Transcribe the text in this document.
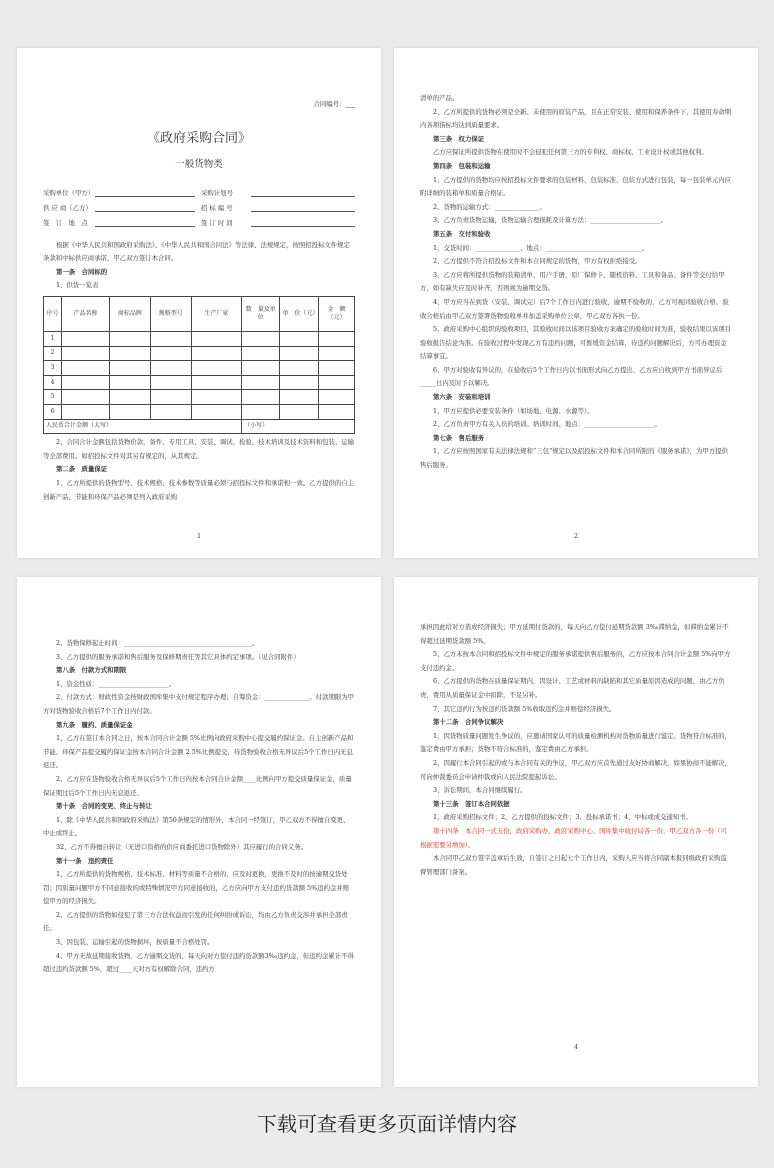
合同编号：___

《政府采购合同》

一般货物类

采购单位（甲方）	采购计划号
供 应 商（乙方）	招 标 编 号
签　订　地　点	签 订 时 间

根据《中华人民共和国政府采购法》、《中华人民共和国合同法》等法律、法规规定，按照招投标文件规定条款和中标供应商承诺，甲乙双方签订本合同。

第一条　合同标的

1、供货一览表

序号	产品名称	商标品牌	规格型号	生产厂家	数　量及单位	单　价（元）	金　额（元）
1							
2							
3							
4							
5							
6							
人民币合计金额（大写）					（小写）		

2、合同合计金额包括货物价款，备件、专用工具、安装、调试、检验、技术培训及技术资料和包装、运输等全部费用。如招投标文件对其另有规定的，从其规定。

第二条　质量保证

1、乙方所提供的货物型号、技术规格、技术参数等质量必须与招投标文件和承诺相一致。乙方提供的自主创新产品、节能和环保产品必须是列入政府采购

1

清单的产品。

2、乙方所提供的货物必须是全新、未使用的原装产品，且在正常安装、使用和保养条件下，其使用寿命期内各项指标均达到质量要求。

第三条　权力保证

乙方应保证所提供货物在使用时不会侵犯任何第三方的专利权、商标权、工业设计权或其他权利。

第四条　包装和运输

1、乙方提供的货物均应按招投标文件要求的包装材料、包装标准、包装方式进行包装，每一包装单元内应附详细的装箱单和质量合格证。

2、货物的运输方式：______________。

3、乙方负责货物运输，货物运输合理损耗及计算方法：______________________。

第五条　交付和验收

1、交货时间：______________、地点：______________________________。

2、乙方提供不符合招投标文件和本合同规定的货物，甲方有权拒绝接受。

3、乙方应将所提供货物的装箱清单、用户手册、原厂保修卡、随机资料、工具和备品、备件等交付给甲方，如有缺失应及时补齐，否则视为逾期交货。

4、甲方应当在到货（安装、调试完）后7个工作日内进行验收，逾期不验收的，乙方可视同验收合格。验收合格后由甲乙双方签署货物验收单并加盖采购单位公章，甲乙双方各执一份。

5、政府采购中心组织的验收项目，其验收时间以该项目验收方案确定的验收时间为准，验收结果以该项目验收报告结论为准。在验收过程中发现乙方有违约问题，可暂缓资金结算，待违约问题解决后，方可办理资金结算事宜。

6、甲方对验收有异议的，在验收后5个工作日内以书面形式向乙方提出，乙方应自收到甲方书面异议后_____日内及时予以解决。

第六条　安装和培训

1、甲方应提供必要安装条件（如场地、电源、水源等）。

2、乙方负责甲方有关人员的培训。培训时间、地点：______________________。

第七条　售后服务

1、乙方应按照国家有关法律法规和“三包”规定以及招投标文件和本合同所附的《服务承诺》，为甲方提供售后服务。

2

2、货物保修起止时间：________________________________________。

3、乙方提供的服务承诺和售后服务及保修期责任等其它具体约定事项。（见合同附件）

第八条　付款方式和期限

1、资金性质：______________________。

2、付款方式：财政性资金按财政国库集中支付规定程序办理；自筹资金：______________。付款期限为甲方对货物验收合格后7个工作日内付款。

第九条　履约、质量保证金

1、乙方在签订本合同之日，按本合同合计金额 5%比例向政府采购中心提交履约保证金。自主创新产品和节能、环保产品提交履约保证金按本合同合计金额 2.5%比例提交，待货物验收合格无异议后5个工作日内无息返还。

2、乙方应在货物验收合格无异议后5个工作日内按本合同合计金额____比例向甲方提交质量保证金，质量保证期过后5个工作日内无息返还。

第十条　合同的变更、终止与转让

1、除《中华人民共和国政府采购法》第50条规定的情形外，本合同一经签订，甲乙双方不得擅自变更、中止或终止。

32、乙方不得擅自转让（无进口资格的供应商委托进口货物除外）其应履行的合同义务。

第十一条　违约责任

1、乙方所提供的货物规格、技术标准、材料等质量不合格的，应及时更换，更换不及时的按逾期交货处罚；因质量问题甲方不同意接收的或特殊情况甲方同意接收的，乙方应向甲方支付违约货款额 5%违约金并赔偿甲方的经济损失。

2、乙方提供的货物如侵犯了第三方合法权益而引发的任何纠纷或诉讼，均由乙方负责交涉并承担全部责任。

3、因包装、运输引起的货物损坏，按质量不合格处罚。

4、甲方无故延期接收货物、乙方逾期交货的，每天向对方偿付违约货款额3‰违约金，但违约金累计不得超过违约货款额 5%，超过____天对方有权解除合同，违约方

承担因此给对方造成经济损失；甲方延期付货款的，每天向乙方偿付延期货款额 3‰滞纳金，但滞纳金累计不得超过延期货款额 5%。

5、乙方未按本合同和招投标文件中规定的服务承诺提供售后服务的，乙方应按本合同合计金额 5%向甲方支付违约金。

6、乙方提供的货物在质量保证期内，因设计、工艺或材料的缺陷和其它质量原因造成的问题，由乙方负责，费用从质量保证金中扣除，不足另补。

7、其它违约行为按违约货款额 5%收取违约金并赔偿经济损失。

第十二条　合同争议解决

1、因货物质量问题发生争议的，应邀请国家认可的质量检测机构对货物质量进行鉴定。货物符合标准的，鉴定费由甲方承担；货物不符合标准的，鉴定费由乙方承担。

2、因履行本合同引起的或与本合同有关的争议，甲乙双方应首先通过友好协商解决，如果协商不能解决，可向仲裁委员会申请仲裁或向人民法院提起诉讼。

3、诉讼期间，本合同继续履行。

第十三条　签订本合同依据

1、政府采购招标文件；2、乙方提供的投标文件；3、投标承诺书；4、中标或成交通知书。

第十四条　本合同一式五份，政府采购办、政府采购中心、国库集中收付局各一份，甲乙双方各一份（可根据需要另增加）。

本合同甲乙双方签字盖章后生效，自签订之日起七个工作日内，采购人应当将合同副本报同级政府采购监督管理部门备案。

4
下载可查看更多页面详情内容
